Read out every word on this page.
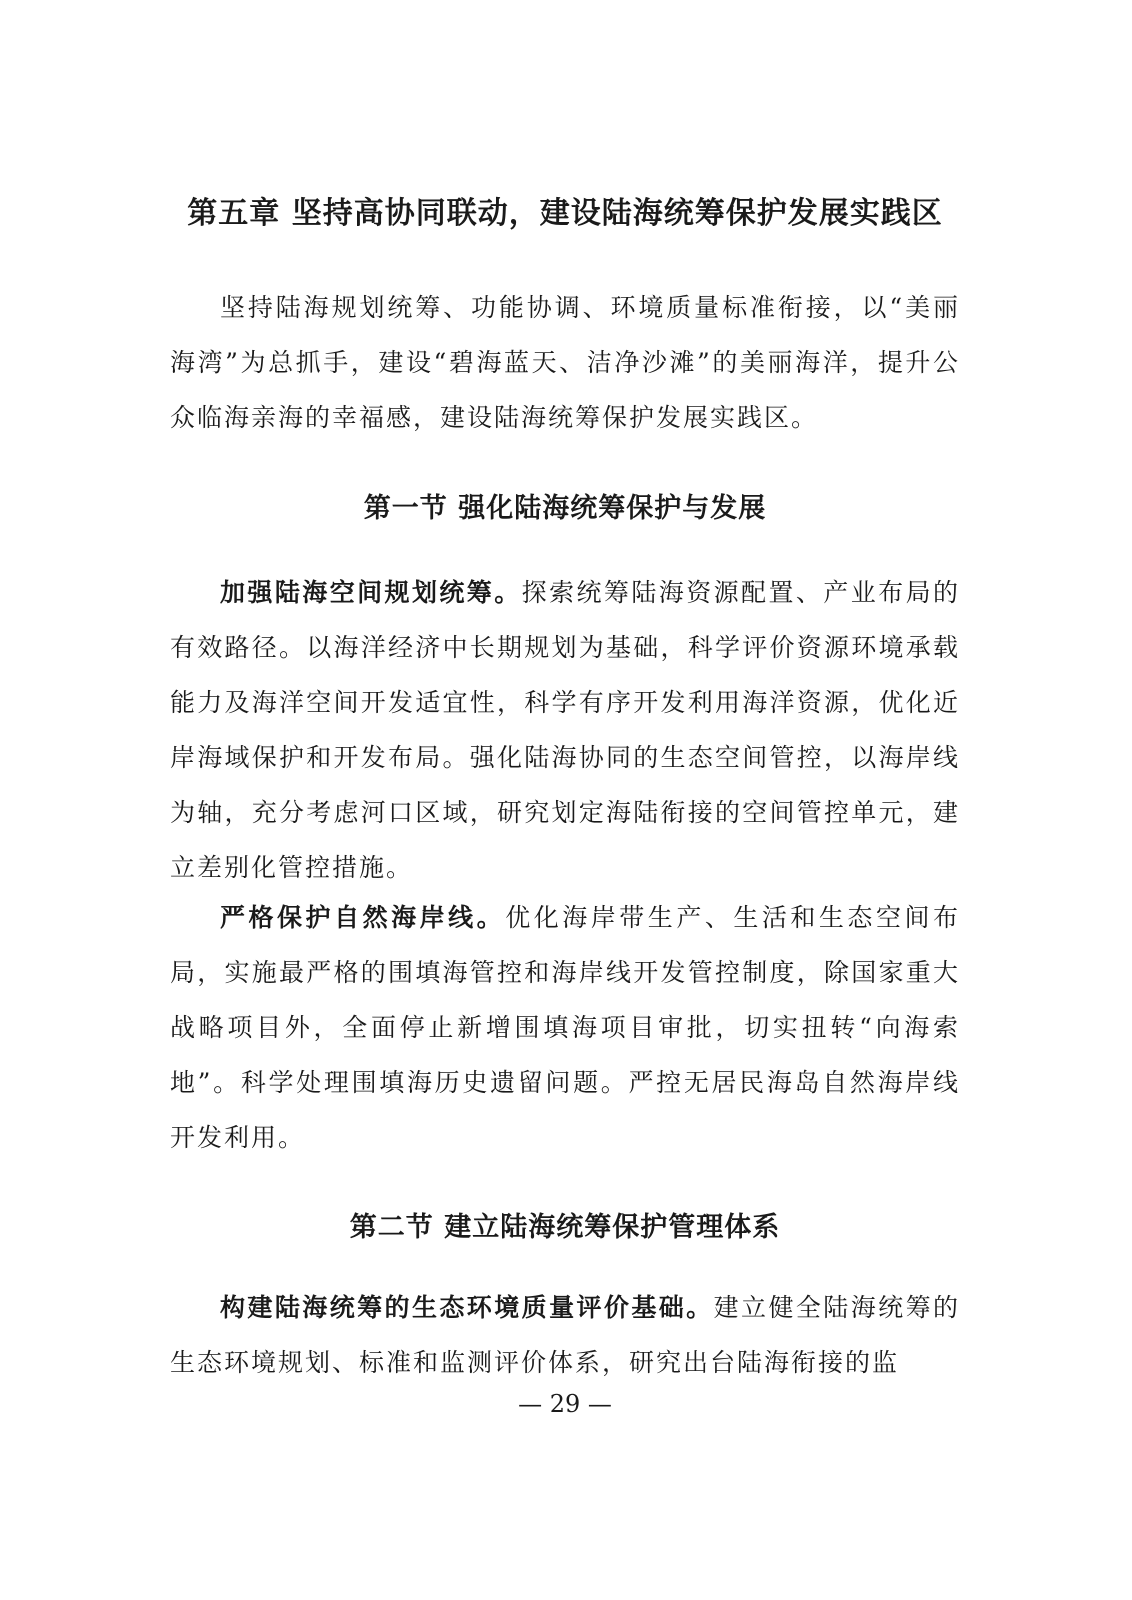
第五章 坚持高协同联动，建设陆海统筹保护发展实践区

坚持陆海规划统筹、功能协调、环境质量标准衔接，以“美丽海湾”为总抓手，建设“碧海蓝天、洁净沙滩”的美丽海洋，提升公众临海亲海的幸福感，建设陆海统筹保护发展实践区。

第一节 强化陆海统筹保护与发展

加强陆海空间规划统筹。探索统筹陆海资源配置、产业布局的有效路径。以海洋经济中长期规划为基础，科学评价资源环境承载能力及海洋空间开发适宜性，科学有序开发利用海洋资源，优化近岸海域保护和开发布局。强化陆海协同的生态空间管控，以海岸线为轴，充分考虑河口区域，研究划定海陆衔接的空间管控单元，建立差别化管控措施。

严格保护自然海岸线。优化海岸带生产、生活和生态空间布局，实施最严格的围填海管控和海岸线开发管控制度，除国家重大战略项目外，全面停止新增围填海项目审批，切实扭转“向海索地”。科学处理围填海历史遗留问题。严控无居民海岛自然海岸线开发利用。

第二节 建立陆海统筹保护管理体系

构建陆海统筹的生态环境质量评价基础。建立健全陆海统筹的生态环境规划、标准和监测评价体系，研究出台陆海衔接的监

— 29 —
